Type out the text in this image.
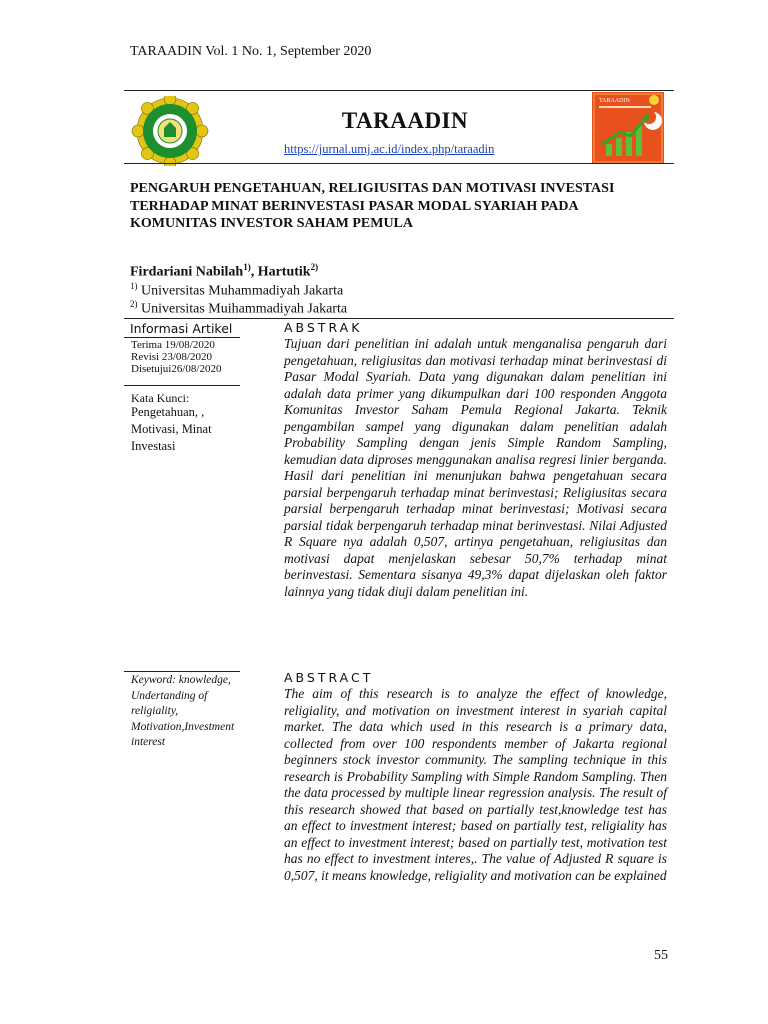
TARAADIN Vol. 1 No. 1, September 2020
TARAADIN
https://jurnal.umj.ac.id/index.php/taraadin
TARAADIN
PENGARUH PENGETAHUAN, RELIGIUSITAS DAN MOTIVASI INVESTASI TERHADAP MINAT BERINVESTASI PASAR MODAL SYARIAH PADA KOMUNITAS INVESTOR SAHAM PEMULA
Firdariani Nabilah$^{1)}$, Hartutik$^{2)}$
$^{1)}$ Universitas Muhammadiyah Jakarta
$^{2)}$ Universitas Muihammadiyah Jakarta
Informasi Artikel	ABSTRAK
Terima 19/08/2020
Revisi 23/08/2020
Disetujui26/08/2020
Kata Kunci:
Pengetahuan, , Motivasi, Minat Investasi
Tujuan dari penelitian ini adalah untuk menganalisa pengaruh dari pengetahuan, religiusitas dan motivasi terhadap minat berinvestasi di Pasar Modal Syariah. Data yang digunakan dalam penelitian ini adalah data primer yang dikumpulkan dari 100 responden Anggota Komunitas Investor Saham Pemula Regional Jakarta. Teknik pengambilan sampel yang digunakan dalam penelitian adalah Probability Sampling dengan jenis Simple Random Sampling, kemudian data diproses menggunakan analisa regresi linier berganda. Hasil dari penelitian ini menunjukan bahwa pengetahuan secara parsial berpengaruh terhadap minat berinvestasi; Religiusitas secara parsial berpengaruh terhadap minat berinvestasi; Motivasi secara parsial tidak berpengaruh terhadap minat berinvestasi. Nilai Adjusted R Square nya adalah 0,507, artinya pengetahuan, religiusitas dan motivasi dapat menjelaskan sebesar 50,7% terhadap minat berinvestasi. Sementara sisanya 49,3% dapat dijelaskan oleh faktor lainnya yang tidak diuji dalam penelitian ini.
Keyword: knowledge, Undertanding of religiality, Motivation,Investment interest
ABSTRACT
The aim of this research is to analyze the effect of knowledge, religiality, and motivation on investment interest in syariah capital market. The data which used in this research is a primary data, collected from over 100 respondents member of Jakarta regional beginners stock investor community. The sampling technique in this research is Probability Sampling with Simple Random Sampling. Then the data processed by multiple linear regression analysis. The result of this research showed that based on partially test,knowledge test has an effect to investment interest; based on partially test, religiality has an effect to investment interest; based on partially test, motivation test has no effect to investment interes,. The value of Adjusted R square is 0,507, it means knowledge, religiality and motivation can be explained
55
